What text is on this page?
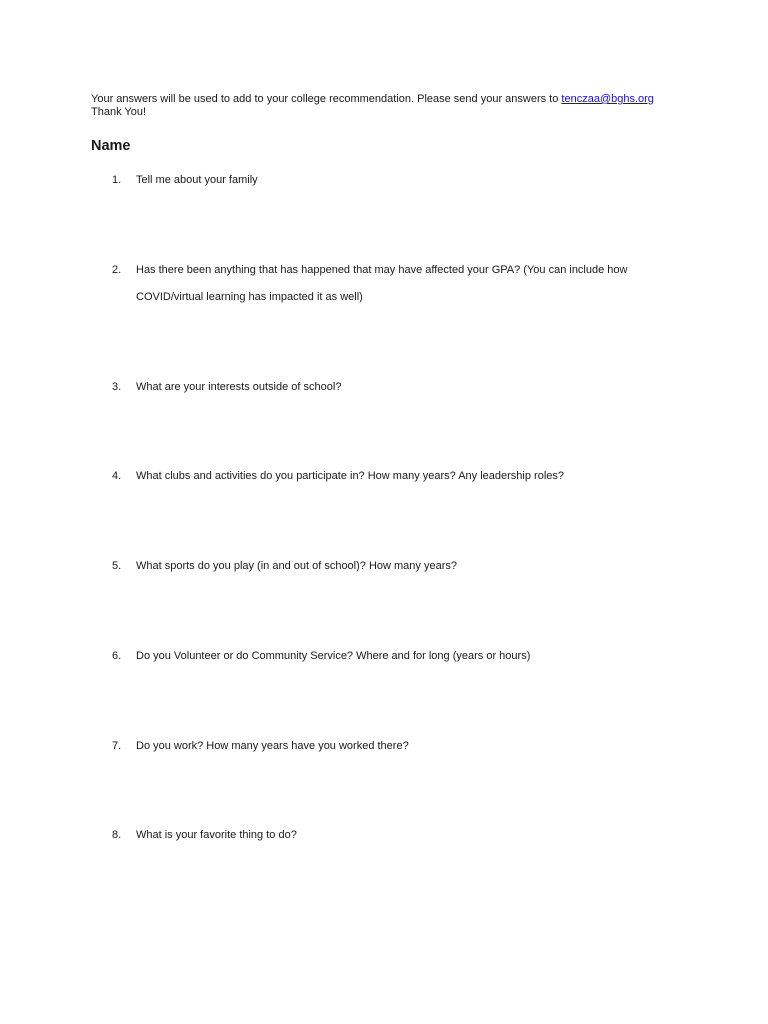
Your answers will be used to add to your college recommendation. Please send your answers to tenczaa@bghs.org
Thank You!
Name
1.	Tell me about your family
2.	Has there been anything that has happened that may have affected your GPA? (You can include how
COVID/virtual learning has impacted it as well)
3.	What are your interests outside of school?
4.	What clubs and activities do you participate in? How many years? Any leadership roles?
5.	What sports do you play (in and out of school)? How many years?
6.	Do you Volunteer or do Community Service? Where and for long (years or hours)
7.	Do you work? How many years have you worked there?
8.	What is your favorite thing to do?
